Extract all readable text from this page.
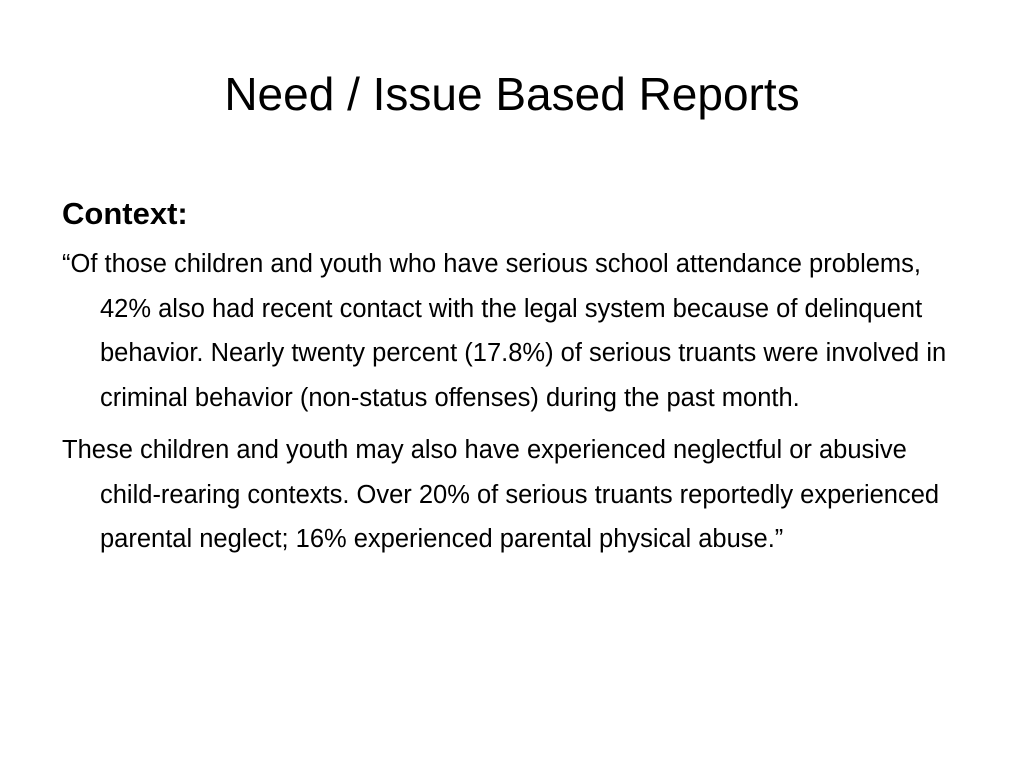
Need / Issue Based Reports
Context:

“Of those children and youth who have serious school attendance problems, 42% also had recent contact with the legal system because of delinquent behavior. Nearly twenty percent (17.8%) of serious truants were involved in criminal behavior (non-status offenses) during the past month.

These children and youth may also have experienced neglectful or abusive child-rearing contexts. Over 20% of serious truants reportedly experienced parental neglect; 16% experienced parental physical abuse.”
